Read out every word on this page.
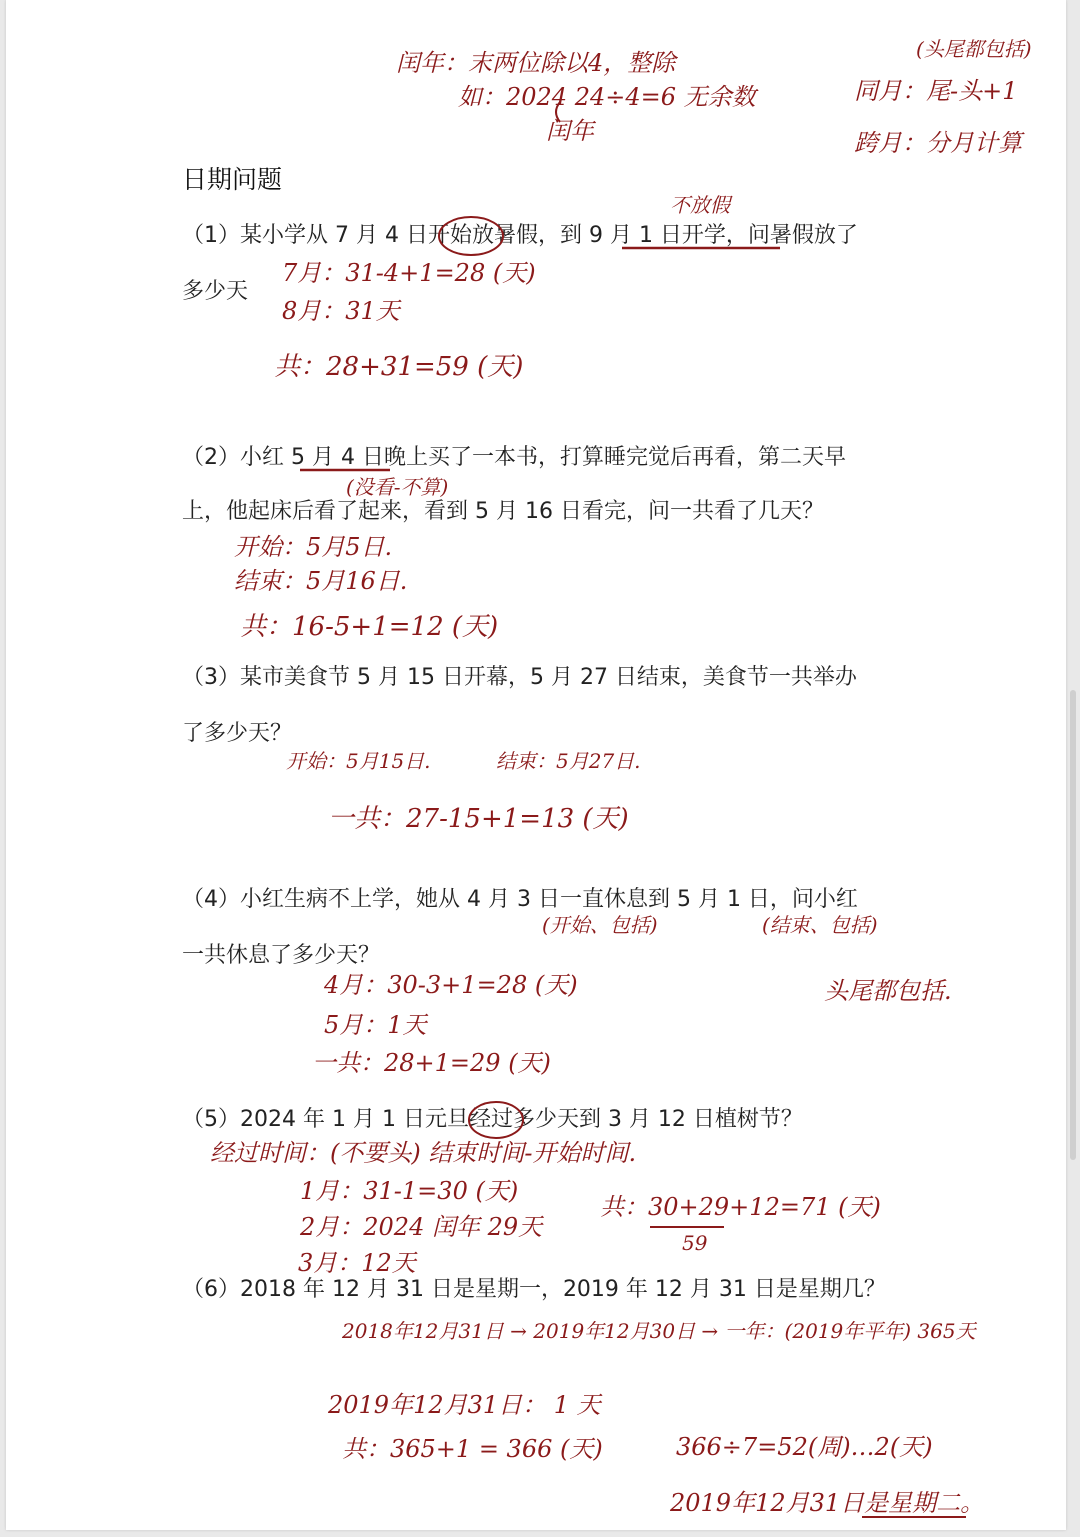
闰年：末两位除以4，整除
如：2024 24÷4=6 无余数
闰年
(头尾都包括)
同月：尾-头+1
跨月：分月计算
日期问题
不放假
（1）某小学从 7 月 4 日开始放暑假，到 9 月 1 日开学，问暑假放了
多少天
7月：31-4+1=28 (天)
8月：31天
共：28+31=59 (天)
（2）小红 5 月 4 日晚上买了一本书，打算睡完觉后再看，第二天早
(没看-不算)
上，他起床后看了起来，看到 5 月 16 日看完，问一共看了几天？
开始：5月5日.
结束：5月16日.
共：16-5+1=12 (天)
（3）某市美食节 5 月 15 日开幕，5 月 27 日结束，美食节一共举办
了多少天？
开始：5月15日.	结束：5月27日.
一共：27-15+1=13 (天)
（4）小红生病不上学，她从 4 月 3 日一直休息到 5 月 1 日，问小红
(开始、包括)	(结束、包括)
一共休息了多少天？
4月：30-3+1=28 (天)
5月：1天
一共：28+1=29 (天)
头尾都包括.
（5）2024 年 1 月 1 日元旦经过多少天到 3 月 12 日植树节？
经过时间：(不要头) 结束时间-开始时间.
1月：31-1=30 (天)
2月：2024 闰年 29天
3月：12天
共：30+29+12=71 (天)
59
（6）2018 年 12 月 31 日是星期一，2019 年 12 月 31 日是星期几？
2018年12月31日 → 2019年12月30日 → 一年：(2019年平年) 365天
2019年12月31日： 1 天
共：365+1 = 366 (天)	366÷7=52(周)…2(天)
2019年12月31日是星期二。
